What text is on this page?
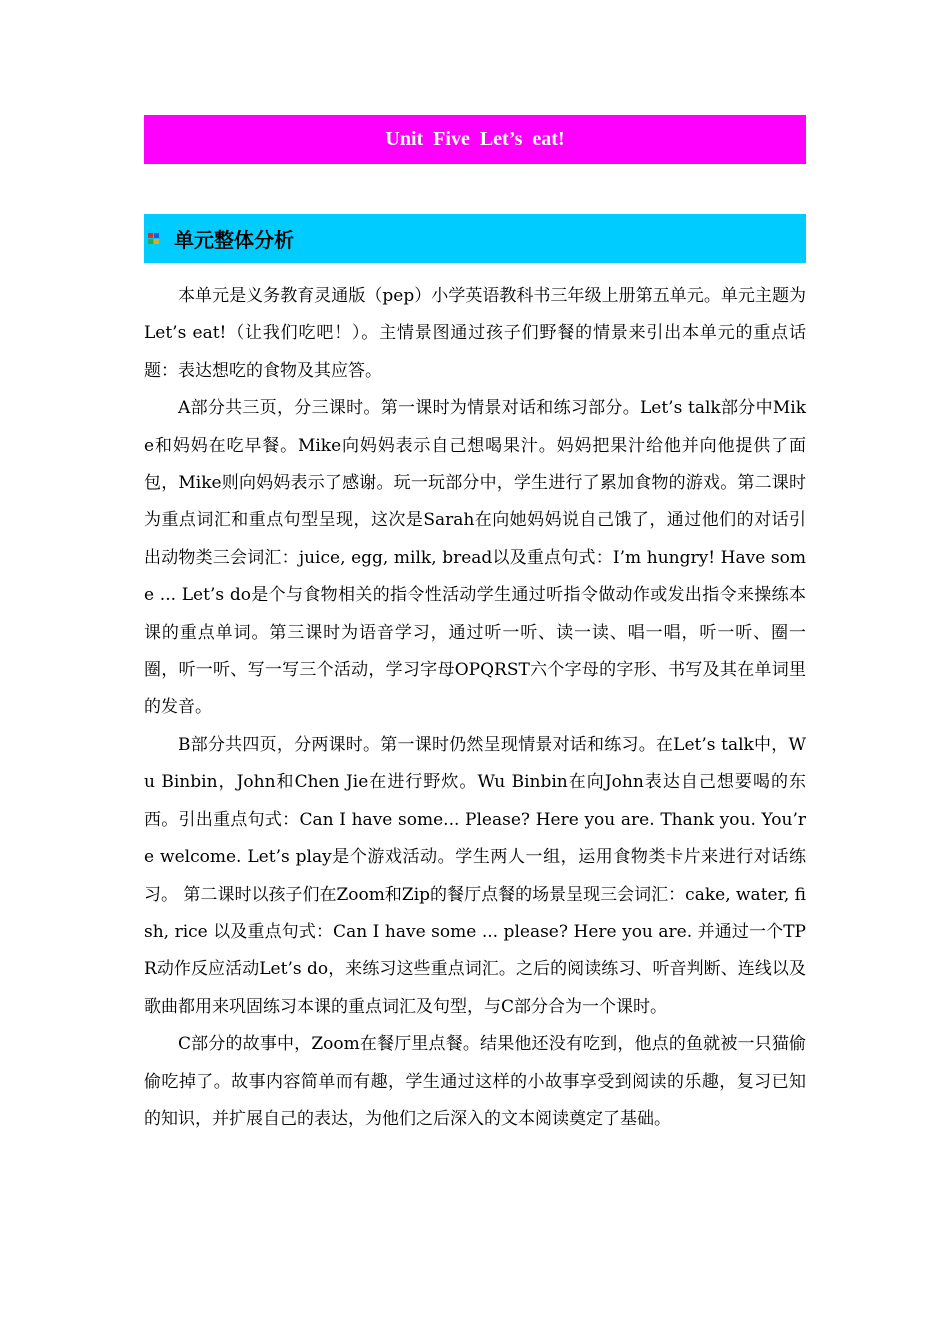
Unit Five Let’s eat!
单元整体分析

本单元是义务教育灵通版（pep）小学英语教科书三年级上册第五单元。单元主题为Let’s eat!（让我们吃吧！）。主情景图通过孩子们野餐的情景来引出本单元的重点话题：表达想吃的食物及其应答。

A部分共三页，分三课时。第一课时为情景对话和练习部分。Let’s talk部分中Mike和妈妈在吃早餐。Mike向妈妈表示自己想喝果汁。妈妈把果汁给他并向他提供了面包，Mike则向妈妈表示了感谢。玩一玩部分中，学生进行了累加食物的游戏。第二课时为重点词汇和重点句型呈现，这次是Sarah在向她妈妈说自己饿了，通过他们的对话引出动物类三会词汇：juice, egg, milk, bread以及重点句式：I’m hungry! Have some ... Let’s do是个与食物相关的指令性活动学生通过听指令做动作或发出指令来操练本课的重点单词。第三课时为语音学习，通过听一听、读一读、唱一唱，听一听、圈一圈，听一听、写一写三个活动，学习字母OPQRST六个字母的字形、书写及其在单词里的发音。

B部分共四页，分两课时。第一课时仍然呈现情景对话和练习。在Let’s talk中，Wu Binbin，John和Chen Jie在进行野炊。Wu Binbin在向John表达自己想要喝的东西。引出重点句式：Can I have some... Please? Here you are. Thank you. You’re welcome. Let’s play是个游戏活动。学生两人一组，运用食物类卡片来进行对话练习。 第二课时以孩子们在Zoom和Zip的餐厅点餐的场景呈现三会词汇：cake, water, fish, rice 以及重点句式：Can I have some ... please? Here you are. 并通过一个TPR动作反应活动Let’s do，来练习这些重点词汇。之后的阅读练习、听音判断、连线以及歌曲都用来巩固练习本课的重点词汇及句型，与C部分合为一个课时。

C部分的故事中，Zoom在餐厅里点餐。结果他还没有吃到，他点的鱼就被一只猫偷偷吃掉了。故事内容简单而有趣，学生通过这样的小故事享受到阅读的乐趣，复习已知的知识，并扩展自己的表达，为他们之后深入的文本阅读奠定了基础。
